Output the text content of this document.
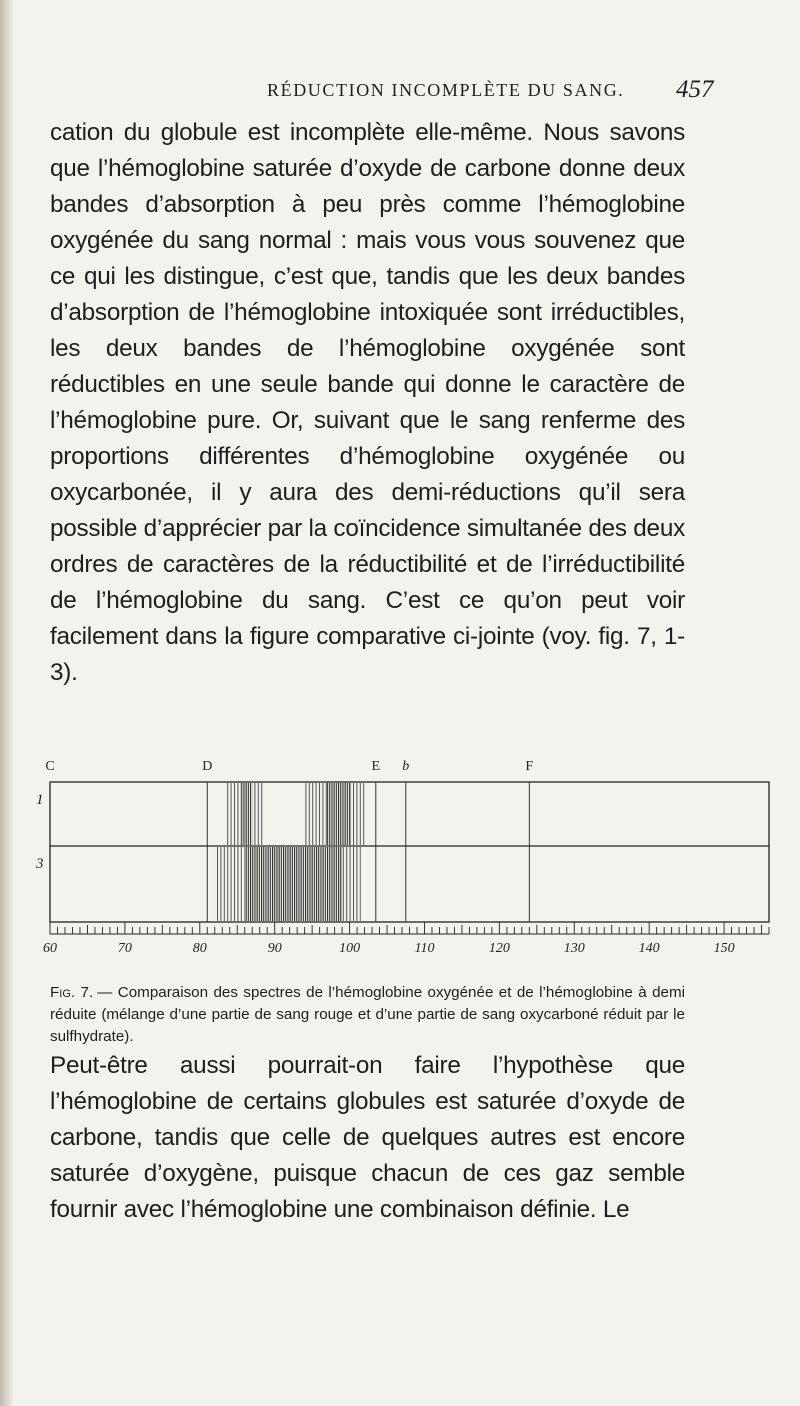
RÉDUCTION INCOMPLÈTE DU SANG. 457

cation du globule est incomplète elle-même. Nous savons que l’hémoglobine saturée d’oxyde de carbone donne deux bandes d’absorption à peu près comme l’hémoglobine oxygénée du sang normal : mais vous vous souvenez que ce qui les distingue, c’est que, tandis que les deux bandes d’absorption de l’hémoglobine intoxiquée sont irréductibles, les deux bandes de l’hémoglobine oxygénée sont réductibles en une seule bande qui donne le caractère de l’hémoglobine pure. Or, suivant que le sang renferme des proportions différentes d’hémoglobine oxygénée ou oxycarbonée, il y aura des demi-réductions qu’il sera possible d’apprécier par la coïncidence simultanée des deux ordres de caractères de la réductibilité et de l’irréductibilité de l’hémoglobine du sang. C’est ce qu’on peut voir facilement dans la figure comparative ci-jointe (voy. fig. 7, 1-3).

C	D	E b	F
1
3
60	70	80	90	100	110	120	130	140	150

Fig. 7. — Comparaison des spectres de l’hémoglobine oxygénée et de l’hémoglobine à demi réduite (mélange d’une partie de sang rouge et d’une partie de sang oxycarboné réduit par le sulfhydrate).

Peut-être aussi pourrait-on faire l’hypothèse que l’hémoglobine de certains globules est saturée d’oxyde de carbone, tandis que celle de quelques autres est encore saturée d’oxygène, puisque chacun de ces gaz semble fournir avec l’hémoglobine une combinaison définie. Le
